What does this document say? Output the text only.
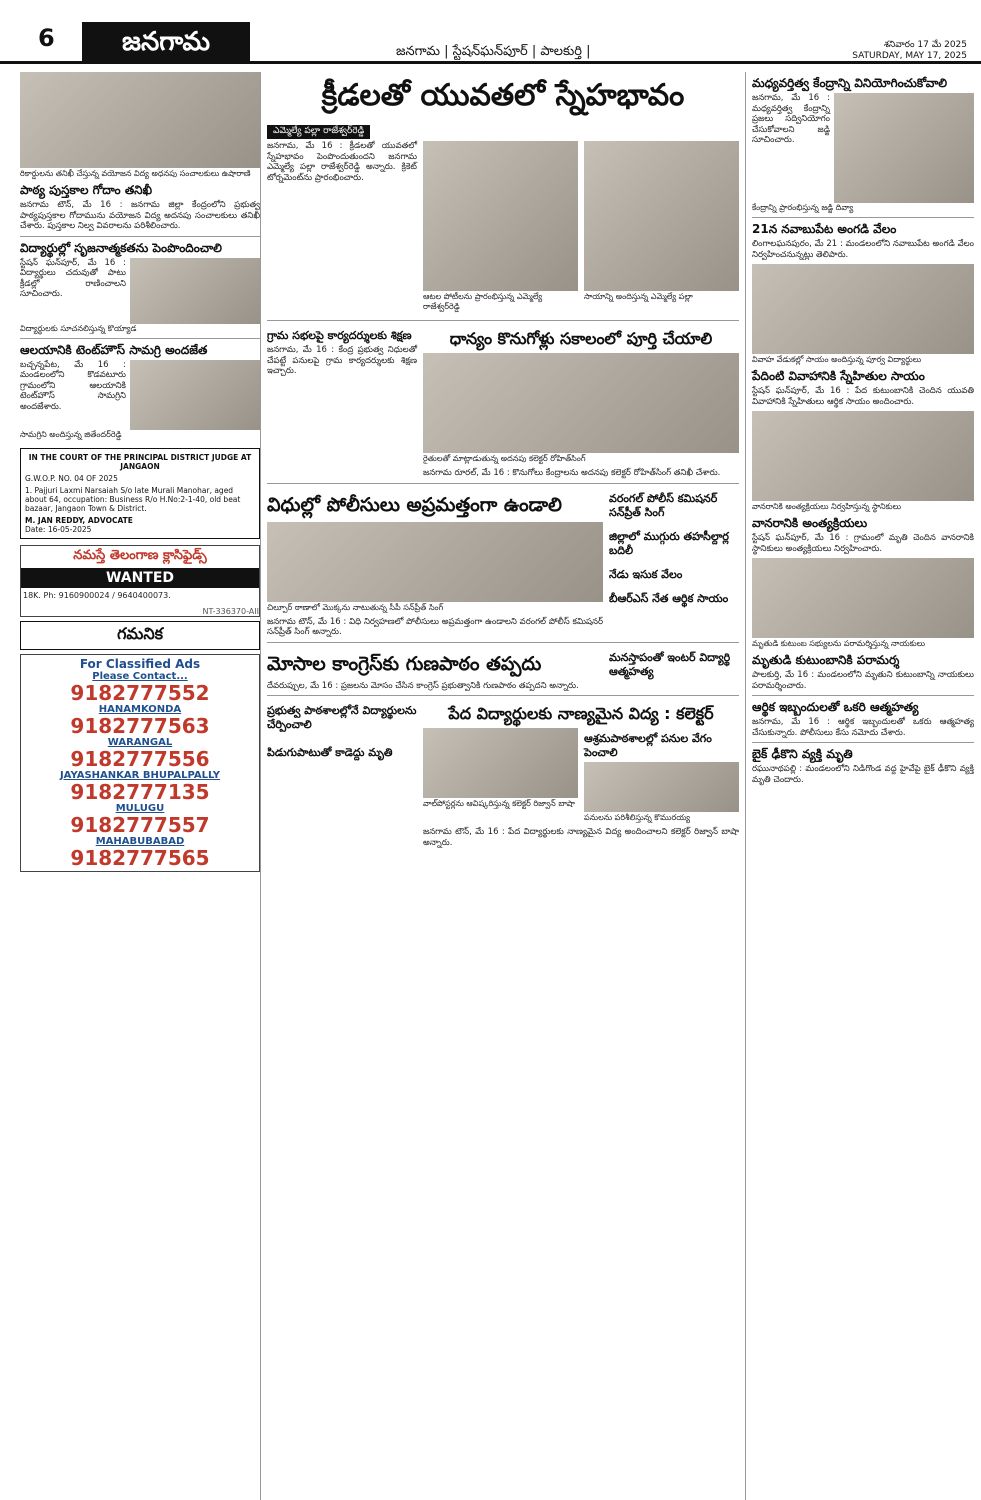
6	జనగామ	జనగామ | స్టేషన్‌ఘన్‌పూర్ | పాలకుర్తి |	శనివారం 17 మే 2025
SATURDAY, MAY 17, 2025
రికార్డులను తనిఖీ చేస్తున్న వయోజన విద్య అధనపు సంచాలకులు ఉషారాణి
పాఠ్య పుస్తకాల గోదాం తనిఖీ
జనగామ టౌన్, మే 16 : జనగామ జిల్లా కేంద్రంలోని ప్రభుత్వ పాఠ్యపుస్తకాల గోదామును వయోజన విద్య అదనపు సంచాలకులు తనిఖీ చేశారు. పుస్తకాల నిల్వ వివరాలను పరిశీలించారు.
విద్యార్థుల్లో సృజనాత్మకతను పెంపొందించాలి
స్టేషన్ ఘన్‌పూర్, మే 16 : విద్యార్థులు చదువుతో పాటు క్రీడల్లో రాణించాలని సూచించారు.
విద్యార్థులకు సూచనలిస్తున్న కొయ్యాడ
ఆలయానికి టెంట్‌హౌస్ సామగ్రి అందజేత
బచ్చన్నపేట, మే 16 : మండలంలోని కొడవటూరు గ్రామంలోని ఆలయానికి టెంట్‌హౌస్ సామగ్రిని అందజేశారు.
సామగ్రిని అందిస్తున్న జితేందర్‌రెడ్డి
IN THE COURT OF THE PRINCIPAL DISTRICT JUDGE AT JANGAON
G.W.O.P. NO. 04 OF 2025
1. Pajjuri Laxmi Narsaiah S/o late Murali Manohar, aged about 64, occupation: Business R/o H.No:2-1-40, old beat bazaar, Jangaon Town & District.
M. JAN REDDY, ADVOCATE
Date: 16-05-2025
నమస్తే తెలంగాణ క్లాసిఫైడ్స్
WANTED
18K. Ph: 9160900024 / 9640400073.
NT-336370-AII
గమనిక
For Classified Ads
Please Contact...
9182777552
HANAMKONDA
9182777563
WARANGAL
9182777556
JAYASHANKAR BHUPALPALLY
9182777135
MULUGU
9182777557
MAHABUBABAD
9182777565
క్రీడలతో యువతలో స్నేహభావం
ఎమ్మెల్యే పల్లా రాజేశ్వర్‌రెడ్డి
జనగామ, మే 16 : క్రీడలతో యువతలో స్నేహభావం పెంపొందుతుందని జనగామ ఎమ్మెల్యే పల్లా రాజేశ్వర్‌రెడ్డి అన్నారు. క్రికెట్ టోర్నమెంట్‌ను ప్రారంభించారు.
ఆటల పోటీలను ప్రారంభిస్తున్న ఎమ్మెల్యే రాజేశ్వర్‌రెడ్డి
సాయాన్ని అందిస్తున్న ఎమ్మెల్యే పల్లా
గ్రామ సభలపై కార్యదర్శులకు శిక్షణ
జనగామ, మే 16 : కేంద్ర ప్రభుత్వ నిధులతో చేపట్టే పనులపై గ్రామ కార్యదర్శులకు శిక్షణ ఇచ్చారు.
ధాన్యం కొనుగోళ్లు సకాలంలో పూర్తి చేయాలి
రైతులతో మాట్లాడుతున్న అదనపు కలెక్టర్ రోహిత్‌సింగ్
జనగామ రూరల్, మే 16 : కొనుగోలు కేంద్రాలను అదనపు కలెక్టర్ రోహిత్‌సింగ్ తనిఖీ చేశారు.
విధుల్లో పోలీసులు అప్రమత్తంగా ఉండాలి
చిల్పూర్ ఠాణాలో మొక్కను నాటుతున్న సీపీ సన్‌ప్రీత్ సింగ్
జనగామ టౌన్, మే 16 : విధి నిర్వహణలో పోలీసులు అప్రమత్తంగా ఉండాలని వరంగల్ పోలీస్ కమిషనర్ సన్‌ప్రీత్ సింగ్ అన్నారు.
వరంగల్ పోలీస్ కమిషనర్ సన్‌ప్రీత్ సింగ్
జిల్లాలో ముగ్గురు తహసీల్దార్ల బదిలీ
నేడు ఇసుక వేలం
బీఆర్‌ఎస్ నేత ఆర్థిక సాయం
మోసాల కాంగ్రెస్‌కు గుణపాఠం తప్పదు
దేవరుప్పుల, మే 16 : ప్రజలను మోసం చేసిన కాంగ్రెస్ ప్రభుత్వానికి గుణపాఠం తప్పదని అన్నారు.
మనస్తాపంతో ఇంటర్ విద్యార్థి ఆత్మహత్య
ప్రభుత్వ పాఠశాలల్లోనే విద్యార్థులను చేర్పించాలి
పిడుగుపాటుతో కాడెద్దు మృతి
పేద విద్యార్థులకు నాణ్యమైన విద్య : కలెక్టర్
వాల్‌పోస్టర్లను ఆవిష్కరిస్తున్న కలెక్టర్ రిజ్వాన్ బాషా
ఆశ్రమపాఠశాలల్లో పనుల వేగం పెంచాలి
పనులను పరిశీలిస్తున్న కొమురయ్య
జనగామ టౌన్, మే 16 : పేద విద్యార్థులకు నాణ్యమైన విద్య అందించాలని కలెక్టర్ రిజ్వాన్ బాషా అన్నారు.
మధ్యవర్తిత్వ కేంద్రాన్ని వినియోగించుకోవాలి
జనగామ, మే 16 : మధ్యవర్తిత్వ కేంద్రాన్ని ప్రజలు సద్వినియోగం చేసుకోవాలని జడ్జి సూచించారు.
కేంద్రాన్ని ప్రారంభిస్తున్న జడ్జి దివ్యా
21న నవాబుపేట అంగడి వేలం
లింగాలఘనపురం, మే 21 : మండలంలోని నవాబుపేట అంగడి వేలం నిర్వహించనున్నట్లు తెలిపారు.
వివాహ వేడుకల్లో సాయం అందిస్తున్న పూర్వ విద్యార్థులు
పేదింటి వివాహానికి స్నేహితుల సాయం
స్టేషన్ ఘన్‌పూర్, మే 16 : పేద కుటుంబానికి చెందిన యువతి వివాహానికి స్నేహితులు ఆర్థిక సాయం అందించారు.
వానరానికి అంత్యక్రియలు నిర్వహిస్తున్న స్థానికులు
వానరానికి అంత్యక్రియలు
స్టేషన్ ఘన్‌పూర్, మే 16 : గ్రామంలో మృతి చెందిన వానరానికి స్థానికులు అంత్యక్రియలు నిర్వహించారు.
మృతుడి కుటుంబ సభ్యులను పరామర్శిస్తున్న నాయకులు
మృతుడి కుటుంబానికి పరామర్శ
పాలకుర్తి, మే 16 : మండలంలోని మృతుని కుటుంబాన్ని నాయకులు పరామర్శించారు.
ఆర్థిక ఇబ్బందులతో ఒకరి ఆత్మహత్య
జనగామ, మే 16 : ఆర్థిక ఇబ్బందులతో ఒకరు ఆత్మహత్య చేసుకున్నారు. పోలీసులు కేసు నమోదు చేశారు.
బైక్ ఢీకొని వ్యక్తి మృతి
రఘునాథపల్లి : మండలంలోని నిడిగొండ వద్ద హైవేపై బైక్ ఢీకొని వ్యక్తి మృతి చెందారు.
